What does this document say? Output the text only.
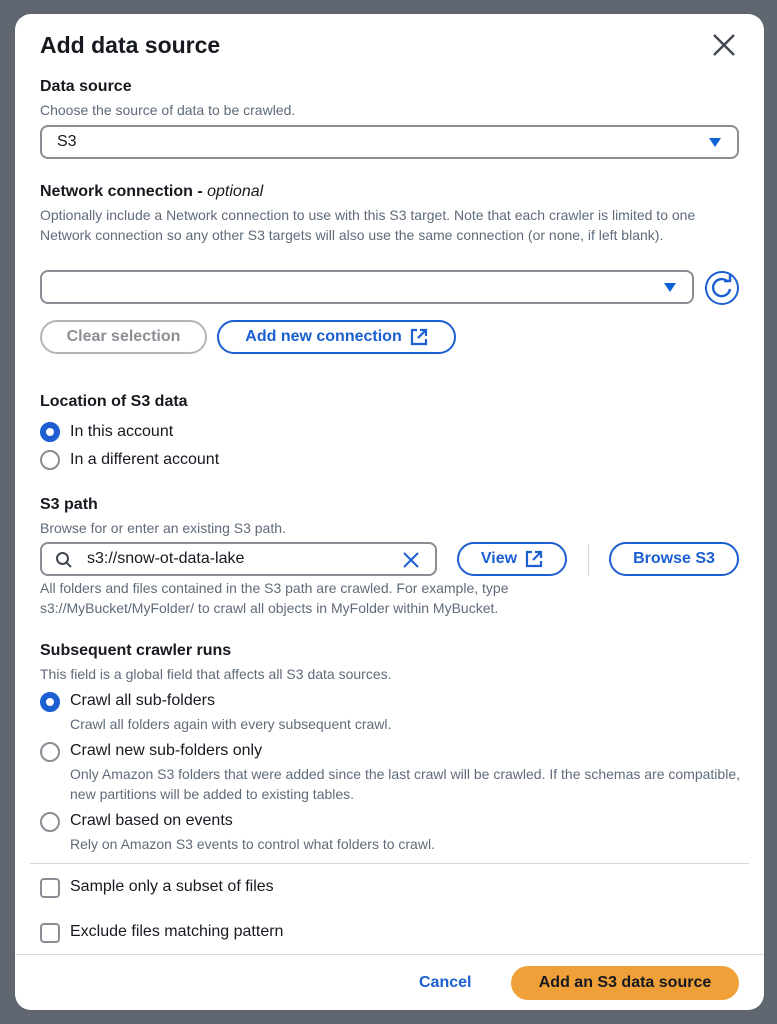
Add data source
Data source
Choose the source of data to be crawled.
S3
Network connection - optional
Optionally include a Network connection to use with this S3 target. Note that each crawler is limited to one Network connection so any other S3 targets will also use the same connection (or none, if left blank).
Clear selection	Add new connection
Location of S3 data
In this account
In a different account
S3 path
Browse for or enter an existing S3 path.
s3://snow-ot-data-lake	View	Browse S3
All folders and files contained in the S3 path are crawled. For example, type s3://MyBucket/MyFolder/ to crawl all objects in MyFolder within MyBucket.
Subsequent crawler runs
This field is a global field that affects all S3 data sources.
Crawl all sub-folders
Crawl all folders again with every subsequent crawl.
Crawl new sub-folders only
Only Amazon S3 folders that were added since the last crawl will be crawled. If the schemas are compatible, new partitions will be added to existing tables.
Crawl based on events
Rely on Amazon S3 events to control what folders to crawl.
Sample only a subset of files
Exclude files matching pattern
Cancel	Add an S3 data source
